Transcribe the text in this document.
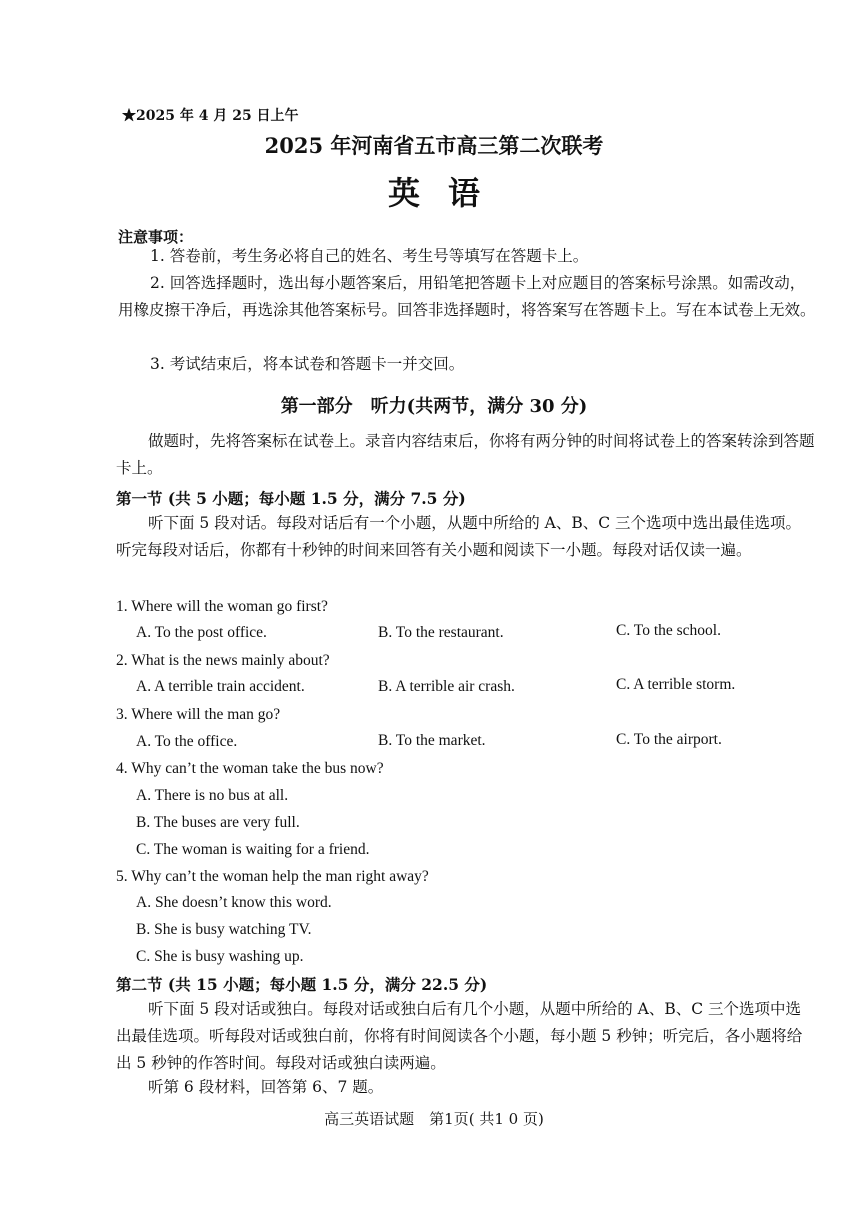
★2025 年 4 月 25 日上午
2025 年河南省五市高三第二次联考
英语
注意事项：
1. 答卷前，考生务必将自己的姓名、考生号等填写在答题卡上。
2. 回答选择题时，选出每小题答案后，用铅笔把答题卡上对应题目的答案标号涂黑。如需改动，用橡皮擦干净后，再选涂其他答案标号。回答非选择题时，将答案写在答题卡上。写在本试卷上无效。
3. 考试结束后，将本试卷和答题卡一并交回。
第一部分　听力(共两节，满分 30 分)
做题时，先将答案标在试卷上。录音内容结束后，你将有两分钟的时间将试卷上的答案转涂到答题卡上。
第一节 (共 5 小题；每小题 1.5 分，满分 7.5 分)
听下面 5 段对话。每段对话后有一个小题，从题中所给的 A、B、C 三个选项中选出最佳选项。听完每段对话后，你都有十秒钟的时间来回答有关小题和阅读下一小题。每段对话仅读一遍。
1. Where will the woman go first?
A. To the post office.	B. To the restaurant.	C. To the school.
2. What is the news mainly about?
A. A terrible train accident.	B. A terrible air crash.	C. A terrible storm.
3. Where will the man go?
A. To the office.	B. To the market.	C. To the airport.
4. Why can’t the woman take the bus now?
A. There is no bus at all.
B. The buses are very full.
C. The woman is waiting for a friend.
5. Why can’t the woman help the man right away?
A. She doesn’t know this word.
B. She is busy watching TV.
C. She is busy washing up.
第二节 (共 15 小题；每小题 1.5 分，满分 22.5 分)
听下面 5 段对话或独白。每段对话或独白后有几个小题，从题中所给的 A、B、C 三个选项中选出最佳选项。听每段对话或独白前，你将有时间阅读各个小题，每小题 5 秒钟；听完后，各小题将给出 5 秒钟的作答时间。每段对话或独白读两遍。
听第 6 段材料，回答第 6、7 题。
高三英语试题　第1页( 共1 0 页)
